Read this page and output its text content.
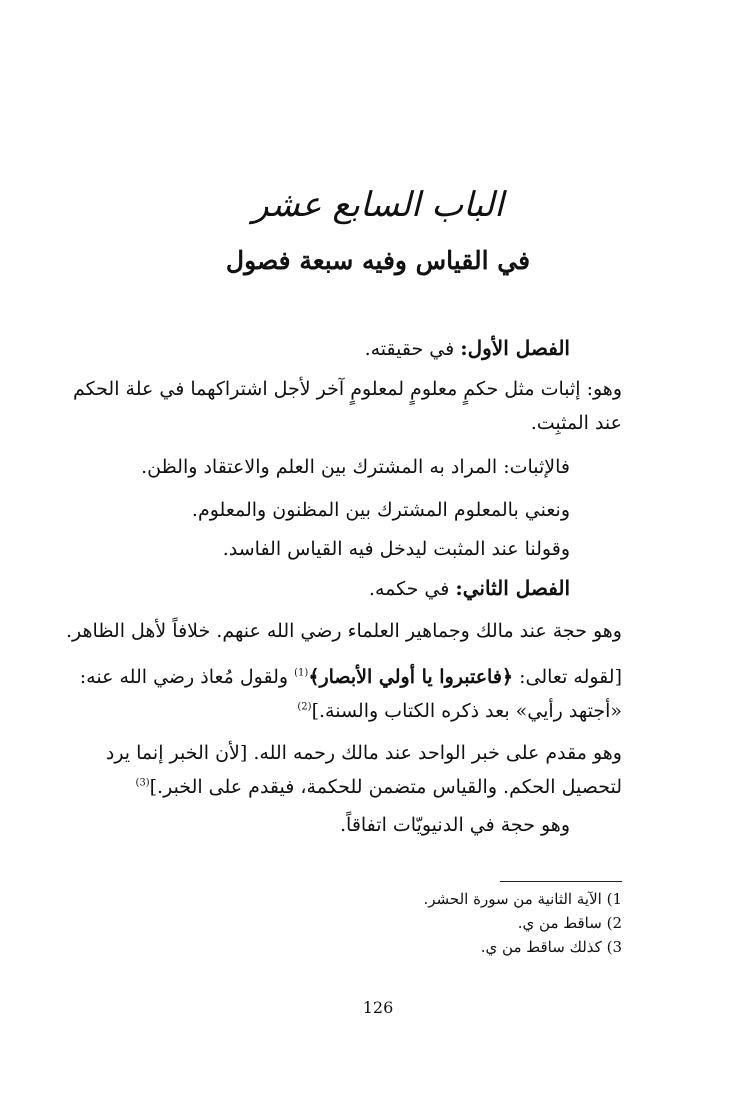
الباب السابع عشر
في القياس وفيه سبعة فصول
الفصل الأول: في حقيقته.
وهو: إثبات مثل حكمٍ معلومٍ لمعلومٍ آخر لأجل اشتراكهما في علة الحكم
عند المثبِت.
فالإثبات: المراد به المشترك بين العلم والاعتقاد والظن.
ونعني بالمعلوم المشترك بين المظنون والمعلوم.
وقولنا عند المثبت ليدخل فيه القياس الفاسد.
الفصل الثاني: في حكمه.
وهو حجة عند مالك وجماهير العلماء رضي الله عنهم. خلافاً لأهل الظاهر.
[لقوله تعالى: ﴿فاعتبروا يا أولي الأبصار﴾$^{(1)}$ ولقول مُعاذ رضي الله عنه:
«أجتهد رأيي» بعد ذكره الكتاب والسنة.]$^{(2)}$
وهو مقدم على خبر الواحد عند مالك رحمه الله. [لأن الخبر إنما يرد
لتحصيل الحكم. والقياس متضمن للحكمة، فيقدم على الخبر.]$^{(3)}$
وهو حجة في الدنيويّات اتفاقاً.
1) الآية الثانية من سورة الحشر.
2) ساقط من ي.
3) كذلك ساقط من ي.
126
